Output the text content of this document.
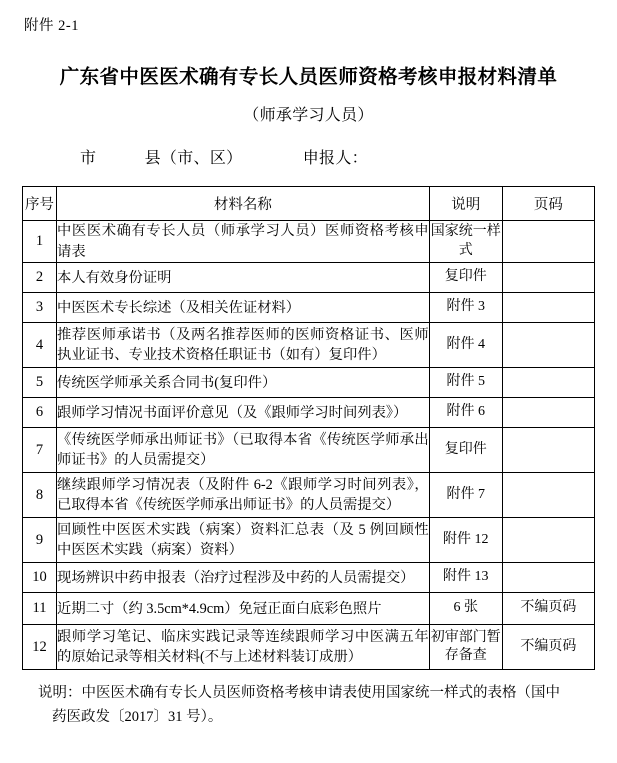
附件 2-1
广东省中医医术确有专长人员医师资格考核申报材料清单
（师承学习人员）
市	县（市、区）	申报人：
序号	材料名称	说明	页码
1	中医医术确有专长人员（师承学习人员）医师资格考核申请表	国家统一样式	
2	本人有效身份证明	复印件	
3	中医医术专长综述（及相关佐证材料）	附件 3	
4	推荐医师承诺书（及两名推荐医师的医师资格证书、医师执业证书、专业技术资格任职证书（如有）复印件）	附件 4	
5	传统医学师承关系合同书(复印件）	附件 5	
6	跟师学习情况书面评价意见（及《跟师学习时间列表》）	附件 6	
7	《传统医学师承出师证书》（已取得本省《传统医学师承出师证书》的人员需提交）	复印件	
8	继续跟师学习情况表（及附件 6-2《跟师学习时间列表》，已取得本省《传统医学师承出师证书》的人员需提交）	附件 7	
9	回顾性中医医术实践（病案）资料汇总表（及 5 例回顾性中医医术实践（病案）资料）	附件 12	
10	现场辨识中药申报表（治疗过程涉及中药的人员需提交）	附件 13	
11	近期二寸（约 3.5cm*4.9cm）免冠正面白底彩色照片	6 张	不编页码
12	跟师学习笔记、临床实践记录等连续跟师学习中医满五年的原始记录等相关材料(不与上述材料装订成册）	初审部门暂存备查	不编页码
说明：中医医术确有专长人员医师资格考核申请表使用国家统一样式的表格（国中
药医政发〔2017〕31 号）。
